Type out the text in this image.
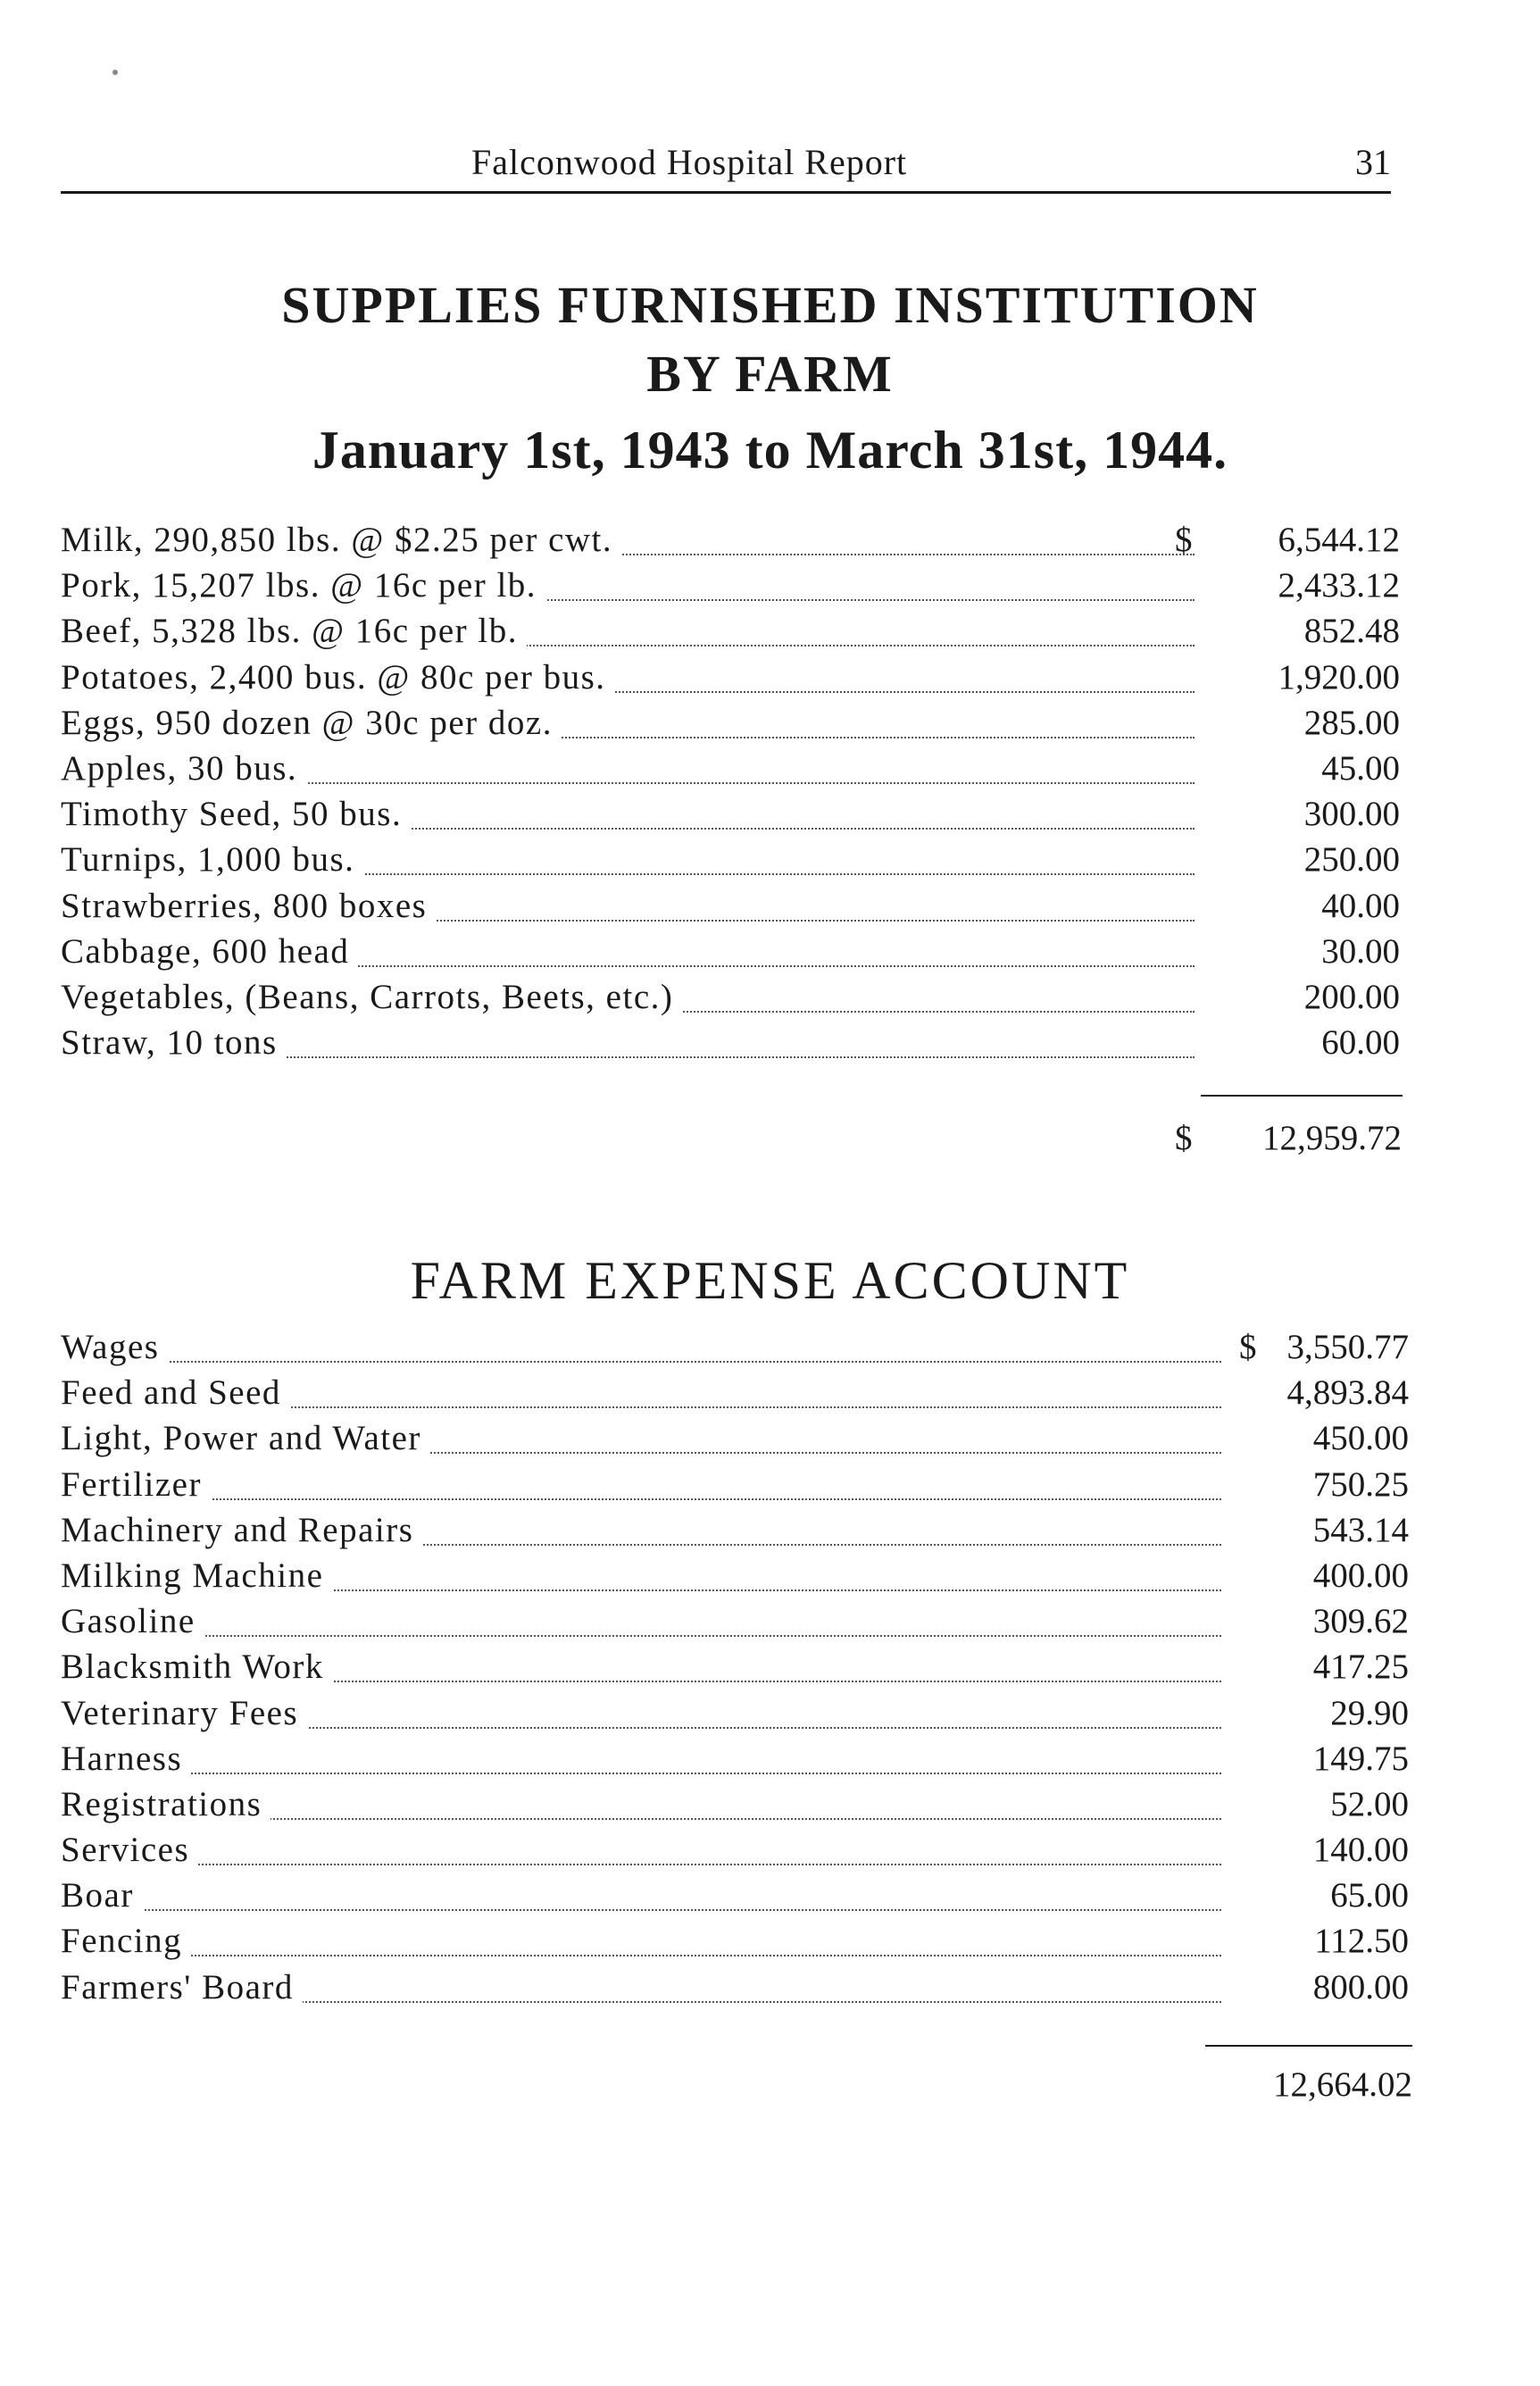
Falconwood Hospital Report	31
SUPPLIES FURNISHED INSTITUTION
BY FARM
January 1st, 1943 to March 31st, 1944.
Milk, 290,850 lbs. @ $2.25 per cwt.	$	6,544.12
Pork, 15,207 lbs. @ 16c per lb.	2,433.12
Beef, 5,328 lbs. @ 16c per lb.	852.48
Potatoes, 2,400 bus. @ 80c per bus.	1,920.00
Eggs, 950 dozen @ 30c per doz.	285.00
Apples, 30 bus.	45.00
Timothy Seed, 50 bus.	300.00
Turnips, 1,000 bus.	250.00
Strawberries, 800 boxes	40.00
Cabbage, 600 head	30.00
Vegetables, (Beans, Carrots, Beets, etc.)	200.00
Straw, 10 tons	60.00
$	12,959.72
FARM EXPENSE ACCOUNT
Wages	$ 3,550.77
Feed and Seed	4,893.84
Light, Power and Water	450.00
Fertilizer	750.25
Machinery and Repairs	543.14
Milking Machine	400.00
Gasoline	309.62
Blacksmith Work	417.25
Veterinary Fees	29.90
Harness	149.75
Registrations	52.00
Services	140.00
Boar	65.00
Fencing	112.50
Farmers' Board	800.00
12,664.02
